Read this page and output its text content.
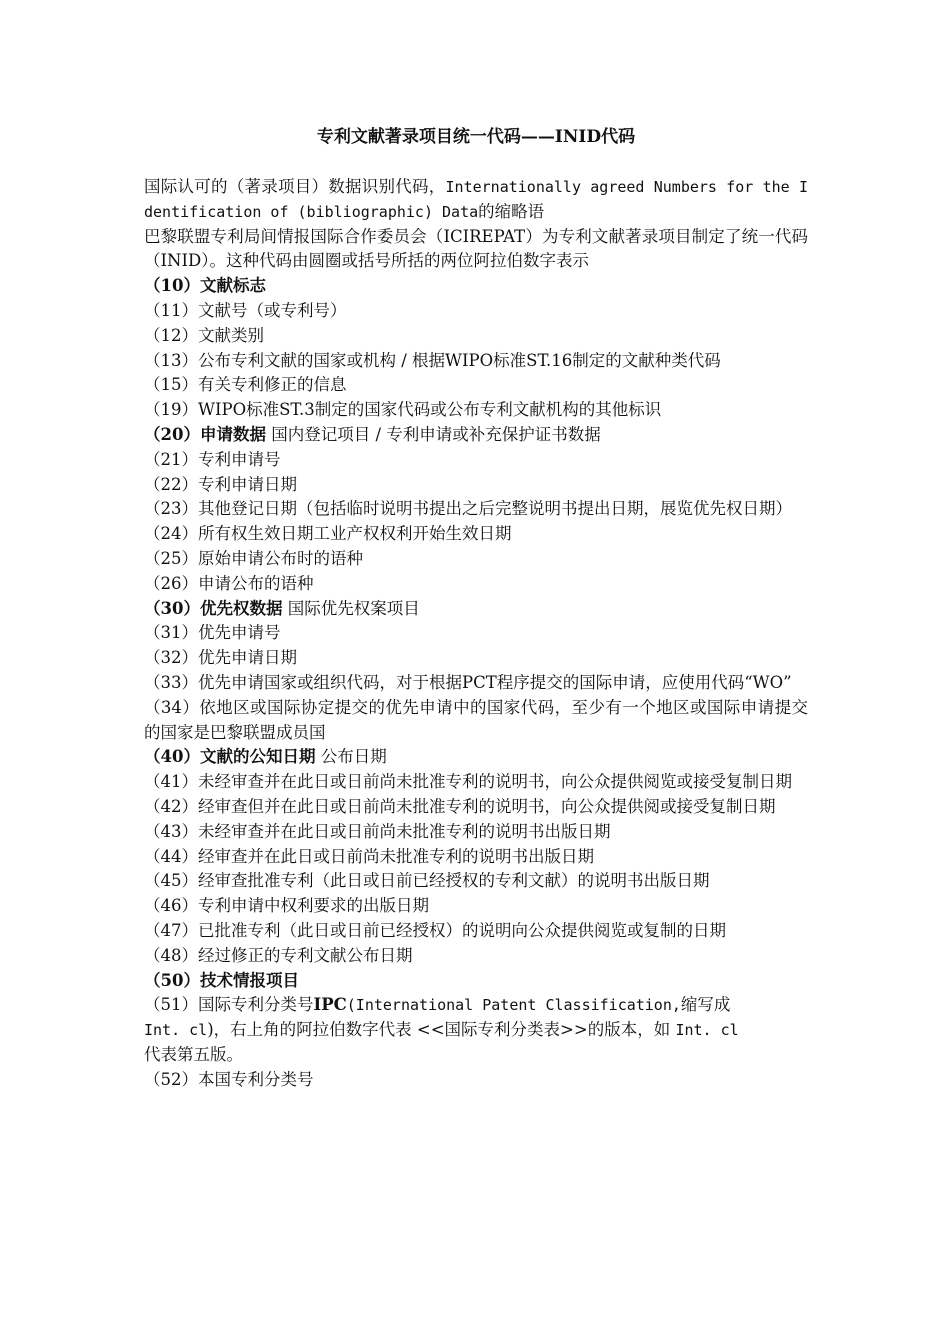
专利文献著录项目统一代码——INID代码

国际认可的（著录项目）数据识别代码，Internationally agreed Numbers for the Identification of (bibliographic) Data的缩略语

巴黎联盟专利局间情报国际合作委员会（ICIREPAT）为专利文献著录项目制定了统一代码（INID）。这种代码由圆圈或括号所括的两位阿拉伯数字表示

（10）文献标志

（11）文献号（或专利号）

（12）文献类别

（13）公布专利文献的国家或机构 / 根据WIPO标准ST.16制定的文献种类代码

（15）有关专利修正的信息

（19）WIPO标准ST.3制定的国家代码或公布专利文献机构的其他标识

（20）申请数据 国内登记项目 / 专利申请或补充保护证书数据

（21）专利申请号

（22）专利申请日期

（23）其他登记日期（包括临时说明书提出之后完整说明书提出日期，展览优先权日期）

（24）所有权生效日期工业产权权利开始生效日期

（25）原始申请公布时的语种

（26）申请公布的语种

（30）优先权数据 国际优先权案项目

（31）优先申请号

（32）优先申请日期

（33）优先申请国家或组织代码，对于根据PCT程序提交的国际申请，应使用代码“WO”

（34）依地区或国际协定提交的优先申请中的国家代码，至少有一个地区或国际申请提交的国家是巴黎联盟成员国

（40）文献的公知日期 公布日期

（41）未经审查并在此日或日前尚未批准专利的说明书，向公众提供阅览或接受复制日期

（42）经审查但并在此日或日前尚未批准专利的说明书，向公众提供阅或接受复制日期

（43）未经审查并在此日或日前尚未批准专利的说明书出版日期

（44）经审查并在此日或日前尚未批准专利的说明书出版日期

（45）经审查批准专利（此日或日前已经授权的专利文献）的说明书出版日期

（46）专利申请中权利要求的出版日期

（47）已批准专利（此日或日前已经授权）的说明向公众提供阅览或复制的日期

（48）经过修正的专利文献公布日期

（50）技术情报项目

（51）国际专利分类号IPC(International Patent Classification,缩写成
Int. cl)，右上角的阿拉伯数字代表 <<国际专利分类表>>的版本，如 Int. cl
代表第五版。

（52）本国专利分类号
